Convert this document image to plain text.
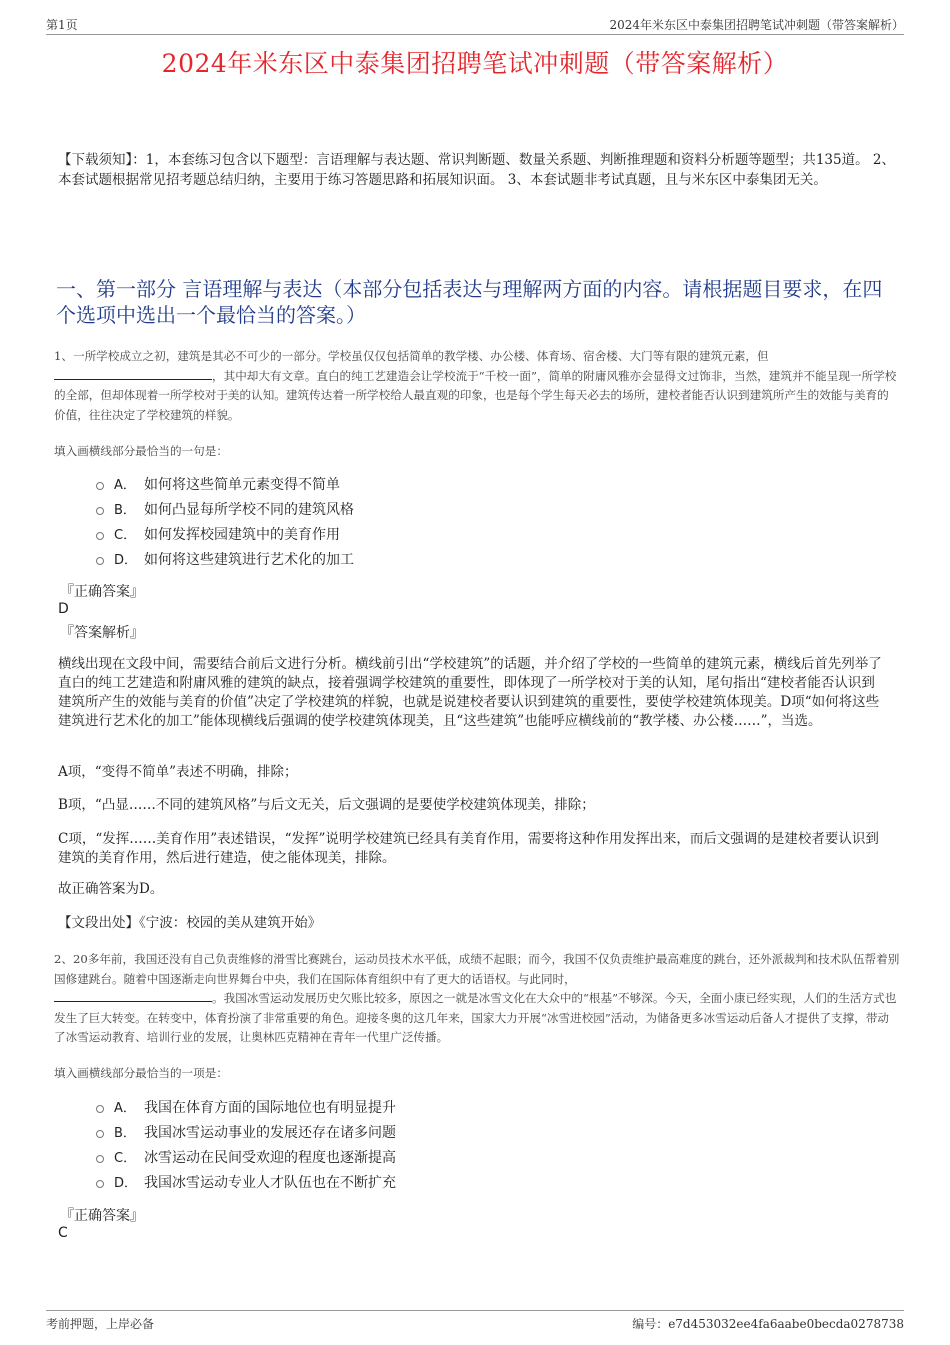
第1页	2024年米东区中泰集团招聘笔试冲刺题（带答案解析）
2024年米东区中泰集团招聘笔试冲刺题（带答案解析）
【下载须知】：1，本套练习包含以下题型：言语理解与表达题、常识判断题、数量关系题、判断推理题和资料分析题等题型；共135道。 2、本套试题根据常见招考题总结归纳，主要用于练习答题思路和拓展知识面。 3、本套试题非考试真题，且与米东区中泰集团无关。
一、第一部分 言语理解与表达（本部分包括表达与理解两方面的内容。请根据题目要求，在四个选项中选出一个最恰当的答案。）
1、一所学校成立之初，建筑是其必不可少的一部分。学校虽仅仅包括简单的教学楼、办公楼、体育场、宿舍楼、大门等有限的建筑元素，但
，其中却大有文章。直白的纯工艺建造会让学校流于“千校一面”，简单的附庸风雅亦会显得文过饰非，当然，建筑并不能呈现一所学校的全部，但却体现着一所学校对于美的认知。建筑传达着一所学校给人最直观的印象，也是每个学生每天必去的场所，建校者能否认识到建筑所产生的效能与美育的价值，往往决定了学校建筑的样貌。
填入画横线部分最恰当的一句是：
A． 如何将这些简单元素变得不简单
B． 如何凸显每所学校不同的建筑风格
C． 如何发挥校园建筑中的美育作用
D． 如何将这些建筑进行艺术化的加工
『正确答案』
D
『答案解析』
横线出现在文段中间，需要结合前后文进行分析。横线前引出“学校建筑”的话题，并介绍了学校的一些简单的建筑元素，横线后首先列举了直白的纯工艺建造和附庸风雅的建筑的缺点，接着强调学校建筑的重要性，即体现了一所学校对于美的认知，尾句指出“建校者能否认识到建筑所产生的效能与美育的价值”决定了学校建筑的样貌，也就是说建校者要认识到建筑的重要性，要使学校建筑体现美。D项“如何将这些建筑进行艺术化的加工”能体现横线后强调的使学校建筑体现美，且“这些建筑”也能呼应横线前的“教学楼、办公楼……”，当选。
A项，“变得不简单”表述不明确，排除；
B项，“凸显……不同的建筑风格”与后文无关，后文强调的是要使学校建筑体现美，排除；
C项，“发挥……美育作用”表述错误，“发挥”说明学校建筑已经具有美育作用，需要将这种作用发挥出来，而后文强调的是建校者要认识到建筑的美育作用，然后进行建造，使之能体现美，排除。
故正确答案为D。
【文段出处】《宁波：校园的美从建筑开始》
2、20多年前，我国还没有自己负责维修的滑雪比赛跳台，运动员技术水平低，成绩不起眼；而今，我国不仅负责维护最高难度的跳台，还外派裁判和技术队伍帮着别国修建跳台。随着中国逐渐走向世界舞台中央，我们在国际体育组织中有了更大的话语权。与此同时，
。我国冰雪运动发展历史欠账比较多，原因之一就是冰雪文化在大众中的“根基”不够深。今天，全面小康已经实现，人们的生活方式也发生了巨大转变。在转变中，体育扮演了非常重要的角色。迎接冬奥的这几年来，国家大力开展“冰雪进校园”活动，为储备更多冰雪运动后备人才提供了支撑，带动了冰雪运动教育、培训行业的发展，让奥林匹克精神在青年一代里广泛传播。
填入画横线部分最恰当的一项是：
A． 我国在体育方面的国际地位也有明显提升
B． 我国冰雪运动事业的发展还存在诸多问题
C． 冰雪运动在民间受欢迎的程度也逐渐提高
D． 我国冰雪运动专业人才队伍也在不断扩充
『正确答案』
C
考前押题，上岸必备	编号：e7d453032ee4fa6aabe0becda0278738
